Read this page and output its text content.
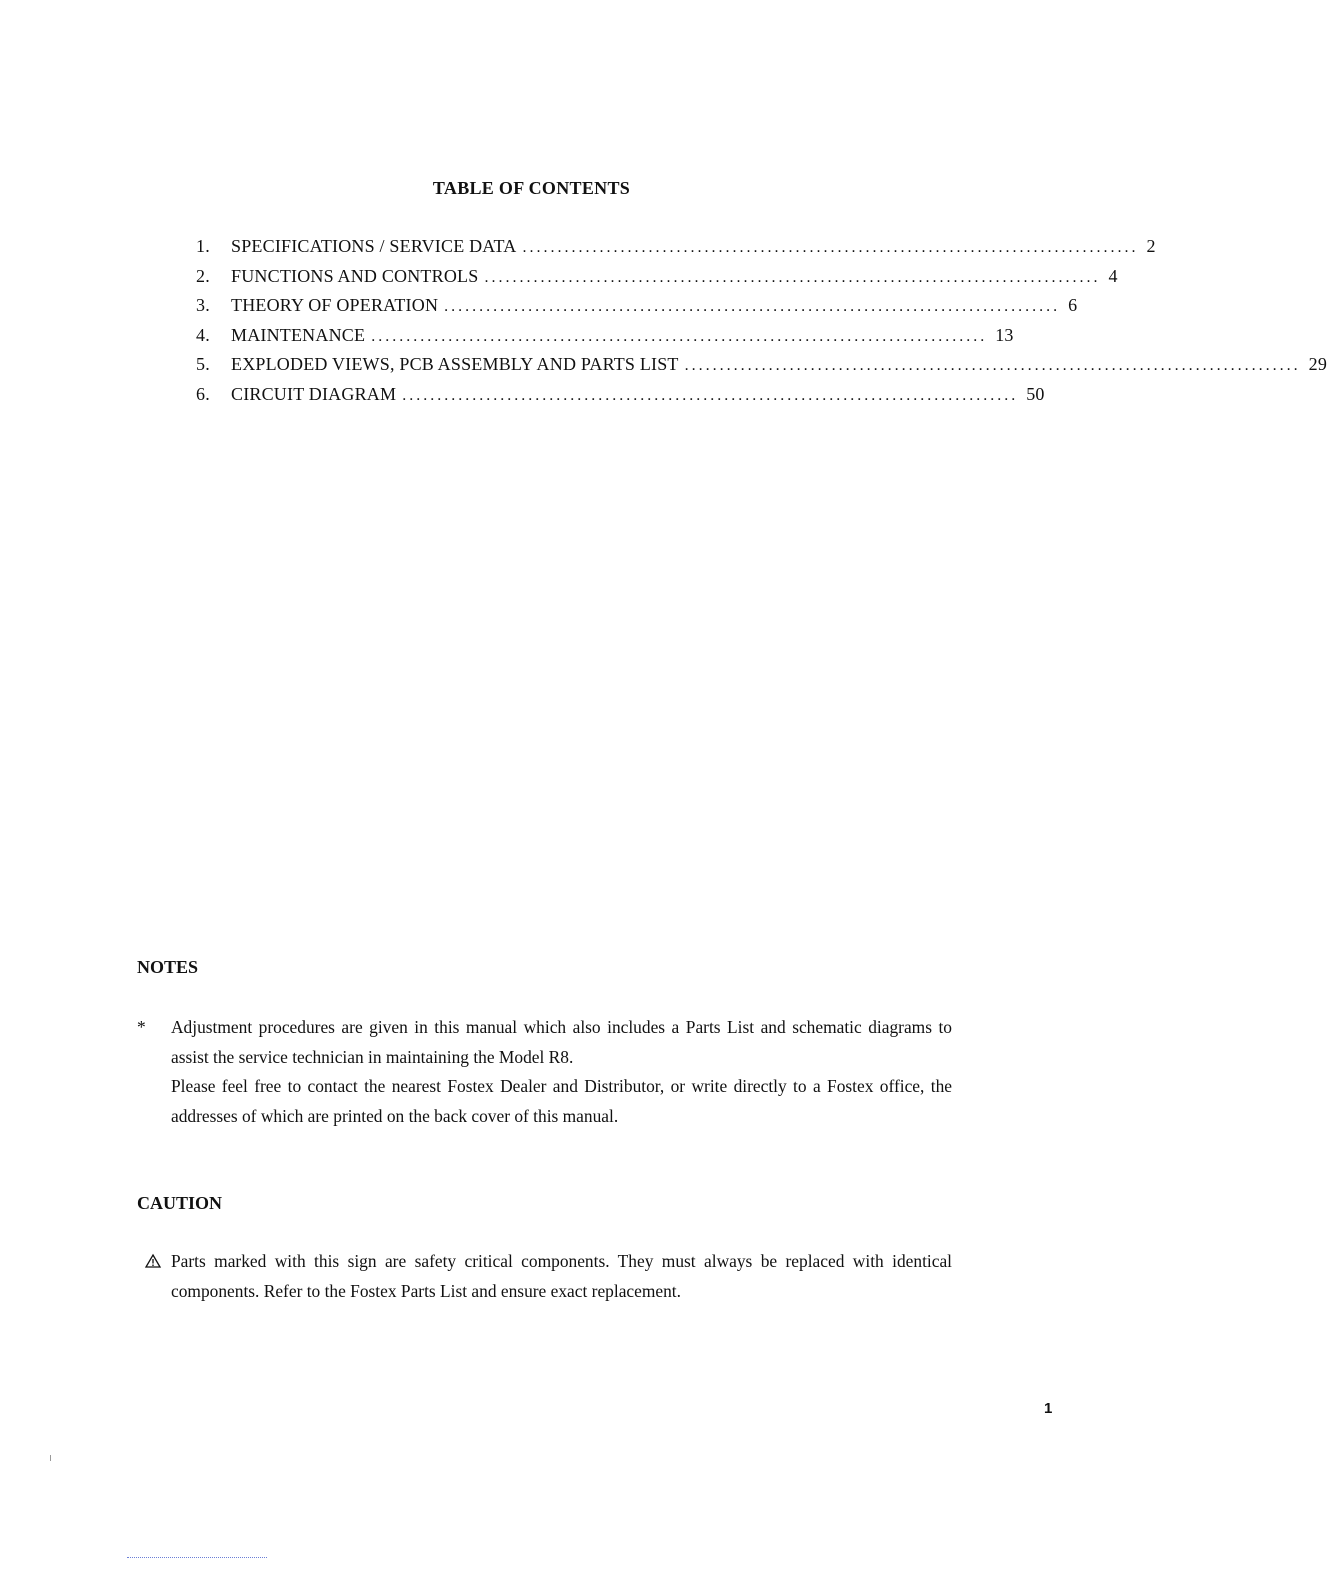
TABLE OF CONTENTS
1.	SPECIFICATIONS / SERVICE DATA ........................................................................................ 2
2.	FUNCTIONS AND CONTROLS ........................................................................................ 4
3.	THEORY OF OPERATION ........................................................................................ 6
4.	MAINTENANCE ........................................................................................ 13
5.	EXPLODED VIEWS, PCB ASSEMBLY AND PARTS LIST ........................................................................................ 29
6.	CIRCUIT DIAGRAM ........................................................................................ 50
NOTES
*	Adjustment procedures are given in this manual which also includes a Parts List and schematic diagrams to assist the service technician in maintaining the Model R8.
Please feel free to contact the nearest Fostex Dealer and Distributor, or write directly to a Fostex office, the addresses of which are printed on the back cover of this manual.
CAUTION
Parts marked with this sign are safety critical components. They must always be replaced with identical components. Refer to the Fostex Parts List and ensure exact replacement.
1
